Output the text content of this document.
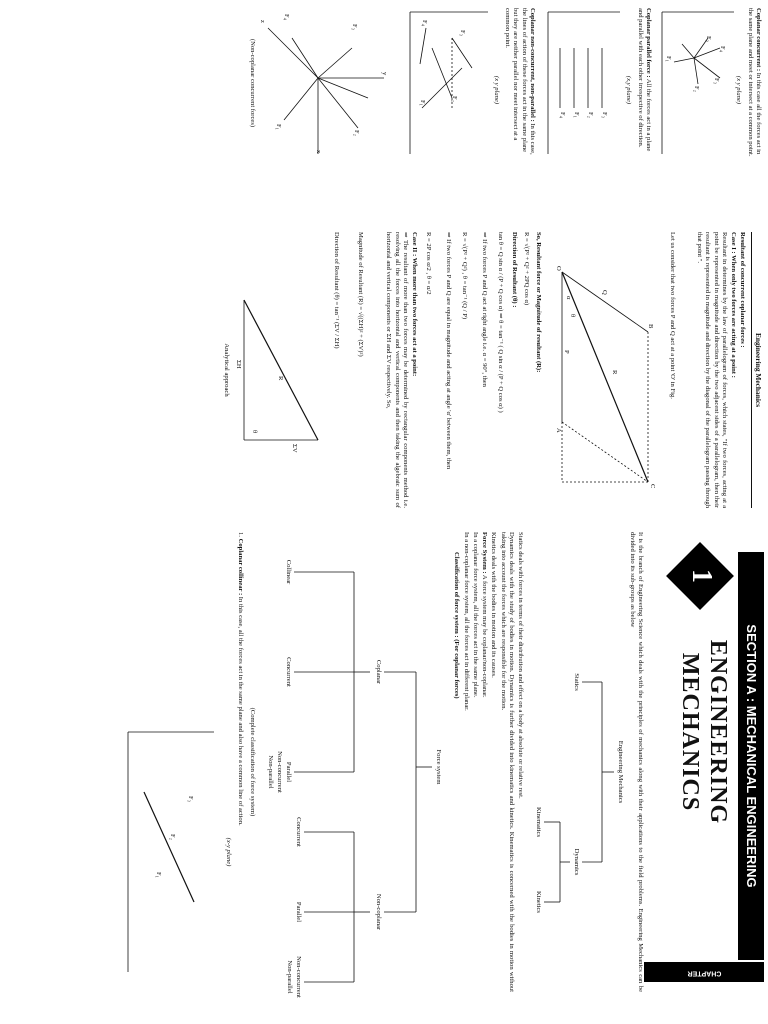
Coplanar concurrent : In this case all the forces act in the same plane and meet or intersect at a common point.

(x y plane)

F₃
F₄
F₃
F₂
F₁

Coplanar parallel force : All the forces act in a plane and parallel with each other irrespective of direction.

(x,y plane)

F₃
F₂
F₁
F₄

Coplanar non-concurrent, non-parallel : In this case, the lines of action of these forces act in the same plane but they are neither parallel nor meet intersect at a common point.

(x y plane)

F₃
F₂
F₁
F₄
y
x
z
F₃
F₂
F₁
F₄

(Non-coplanar concurrent forces)

Engineering Mechanics

Resultant of concurrent coplanar forces :

Case I : When only two forces are acting at a point :

Resultant in determines by the law of parallelogram of forces, which states, "If two forces, acting at a point be represented in magnitude and direction by the two adjacent sides of a parallelogram, then their resultant is represented in magnitude and direction by the diagonal of the parallelogram passing through that point ".

Let us consider that two forces P and Q act at a point 'O' in Fig.

O
A
B
C
P
Q
R
α
θ

So, Resultant force or Magnitude of resultant (R):

R = √(P² + Q² + 2PQ cos α)

Direction of Resultant (θ) :

tan θ = Q sin α / (P + Q cos α) ⇒ θ = tan⁻¹ ( Q sin α / (P + Q cos α) )

⇒ If two forces P and Q act at right angle i.e. α = 90°, then

R = √(P² + Q²) , θ = tan⁻¹ (Q / P)

⇒ If two forces P and Q are equal in magnitude and acting at angle 'α' between them, then

R = 2P cos α/2 , θ = α/2

Case II : When more than two forces act at a point:

⇒ The resultant of more than two forces may be determined by rectangular components method i.e. resolving all the forces into horizontal and vertical components and then taking the algebraic sum of horizontal and vertical components or ΣH and ΣV respectively. So,

Magnitude of Resultant (R) = √((ΣH)² + (ΣV)²)

Direction of Resultant (θ) = tan⁻¹ (ΣV / ΣH)

R
θ
ΣV
ΣH

Analytical approach

SECTION A : MECHANICAL ENGINEERING
CHAPTER

ENGINEERING

MECHANICS

1

It is the branch of Engineering Science which deals with the principles of mechanics along with their applications to the field problems. Engineering Mechanics can be divided into its sub-groups as below

Engineering Mechanics

Statics

Dynamics

Kinematics

Kinetics

Statics deals with forces in terms of their distribution and effect on a body at absolute or relative rest.

Dynamics deals with the study of bodies in motion. Dynamics is further divided into kinematics and kinetics. Kinematics is concerned with the bodies in motion without taking into account the forces which are responsible for the motion.

Kinetics deals with the bodies in motion and its causes.

Force System : A force system may be coplanar/non-coplanar.

In a coplanar force system, all the forces act in the same plane.

In a non-coplanar force system, all the forces act in different planar.

Classification of force system : (For coplanar forces)

Force system

Coplanar

Non-coplanar

Collinear

Concurrent

Parallel

Non-concurrent

Non-parallel

Concurrent

Parallel

Non-concurrent

Non-parallel

(Complete classification of force system)

1. Coplanar collinear : In this case, all the forces act in the same plane and also have a common line of action.

(x-y plane)

F₁
F₂
F₃
